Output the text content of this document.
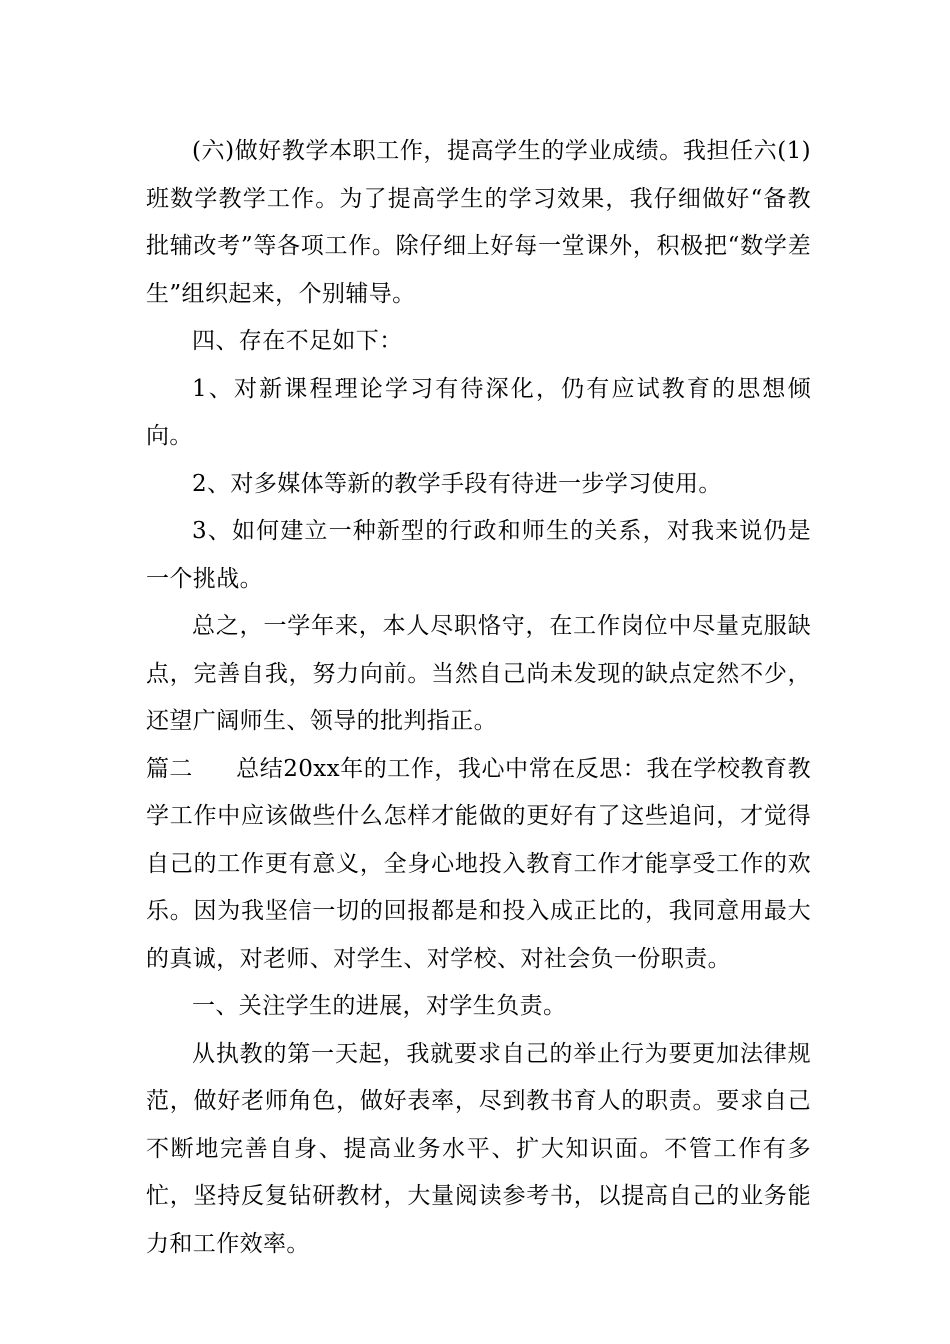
(六)做好教学本职工作，提高学生的学业成绩。我担任六(1)班数学教学工作。为了提高学生的学习效果，我仔细做好“备教批辅改考”等各项工作。除仔细上好每一堂课外，积极把“数学差生”组织起来，个别辅导。

四、存在不足如下：

1、对新课程理论学习有待深化，仍有应试教育的思想倾向。

2、对多媒体等新的教学手段有待进一步学习使用。

3、如何建立一种新型的行政和师生的关系，对我来说仍是一个挑战。

总之，一学年来，本人尽职恪守，在工作岗位中尽量克服缺点，完善自我，努力向前。当然自己尚未发现的缺点定然不少，还望广阔师生、领导的批判指正。

篇二 总结20xx年的工作，我心中常在反思：我在学校教育教学工作中应该做些什么怎样才能做的更好有了这些追问，才觉得自己的工作更有意义，全身心地投入教育工作才能享受工作的欢乐。因为我坚信一切的回报都是和投入成正比的，我同意用最大的真诚，对老师、对学生、对学校、对社会负一份职责。

一、关注学生的进展，对学生负责。

从执教的第一天起，我就要求自己的举止行为要更加法律规范，做好老师角色，做好表率，尽到教书育人的职责。要求自己不断地完善自身、提高业务水平、扩大知识面。不管工作有多忙，坚持反复钻研教材，大量阅读参考书，以提高自己的业务能力和工作效率。
